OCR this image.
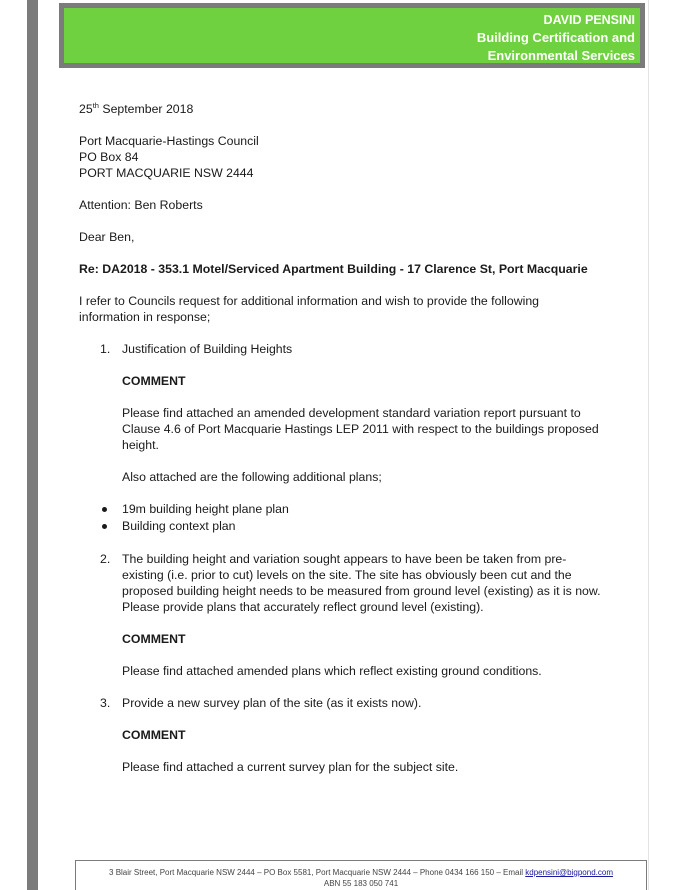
DAVID PENSINI
Building Certification and
Environmental Services

25th September 2018

Port Macquarie-Hastings Council

PO Box 84

PORT MACQUARIE NSW 2444

Attention: Ben Roberts

Dear Ben,

Re: DA2018 - 353.1 Motel/Serviced Apartment Building - 17 Clarence St, Port Macquarie

I refer to Councils request for additional information and wish to provide the following

information in response;

1. Justification of Building Heights

COMMENT

Please find attached an amended development standard variation report pursuant to

Clause 4.6 of Port Macquarie Hastings LEP 2011 with respect to the buildings proposed

height.

Also attached are the following additional plans;

19m building height plane plan
Building context plan
2. The building height and variation sought appears to have been be taken from pre-

existing (i.e. prior to cut) levels on the site. The site has obviously been cut and the

proposed building height needs to be measured from ground level (existing) as it is now.

Please provide plans that accurately reflect ground level (existing).

COMMENT

Please find attached amended plans which reflect existing ground conditions.

3. Provide a new survey plan of the site (as it exists now).

COMMENT

Please find attached a current survey plan for the subject site.

3 Blair Street, Port Macquarie NSW 2444 – PO Box 5581, Port Macquarie NSW 2444 – Phone 0434 166 150 – Email kdpensini@bigpond.com
ABN 55 183 050 741
